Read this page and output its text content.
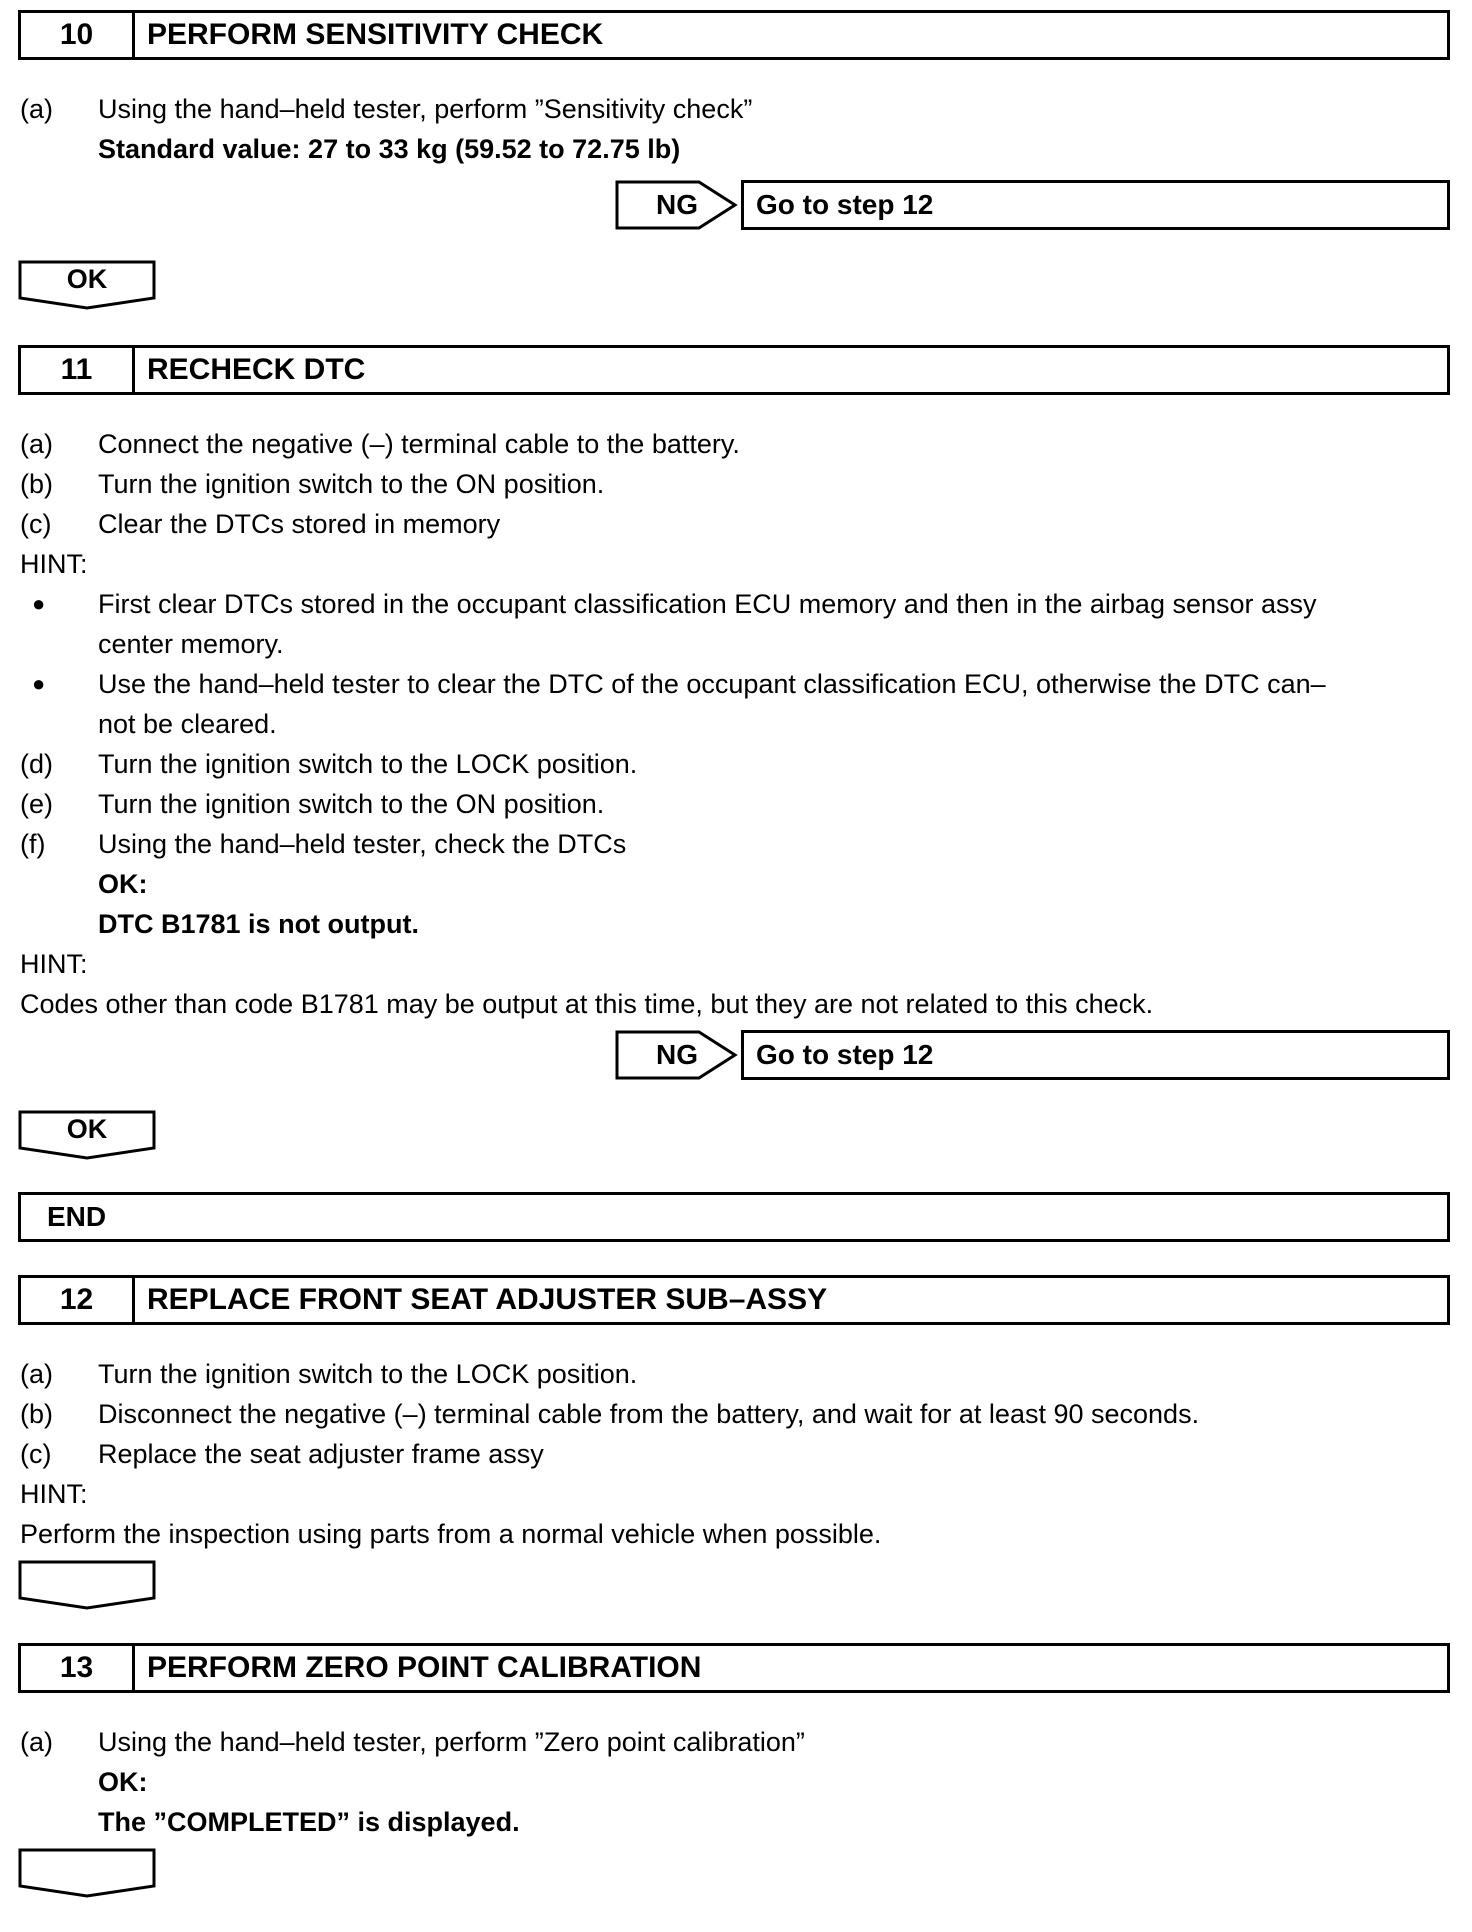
10	PERFORM SENSITIVITY CHECK
(a)	Using the hand–held tester, perform ”Sensitivity check”
Standard value: 27 to 33 kg (59.52 to 72.75 lb)
NG	Go to step 12
OK
11	RECHECK DTC
(a)	Connect the negative (–) terminal cable to the battery.
(b)	Turn the ignition switch to the ON position.
(c)	Clear the DTCs stored in memory
HINT:
● First clear DTCs stored in the occupant classification ECU memory and then in the airbag sensor assy
center memory.
● Use the hand–held tester to clear the DTC of the occupant classification ECU, otherwise the DTC can–
not be cleared.
(d)	Turn the ignition switch to the LOCK position.
(e)	Turn the ignition switch to the ON position.
(f)	Using the hand–held tester, check the DTCs
OK:
DTC B1781 is not output.
HINT:
Codes other than code B1781 may be output at this time, but they are not related to this check.
NG	Go to step 12
OK
END
12	REPLACE FRONT SEAT ADJUSTER SUB–ASSY
(a)	Turn the ignition switch to the LOCK position.
(b)	Disconnect the negative (–) terminal cable from the battery, and wait for at least 90 seconds.
(c)	Replace the seat adjuster frame assy
HINT:
Perform the inspection using parts from a normal vehicle when possible.
13	PERFORM ZERO POINT CALIBRATION
(a)	Using the hand–held tester, perform ”Zero point calibration”
OK:
The ”COMPLETED” is displayed.
